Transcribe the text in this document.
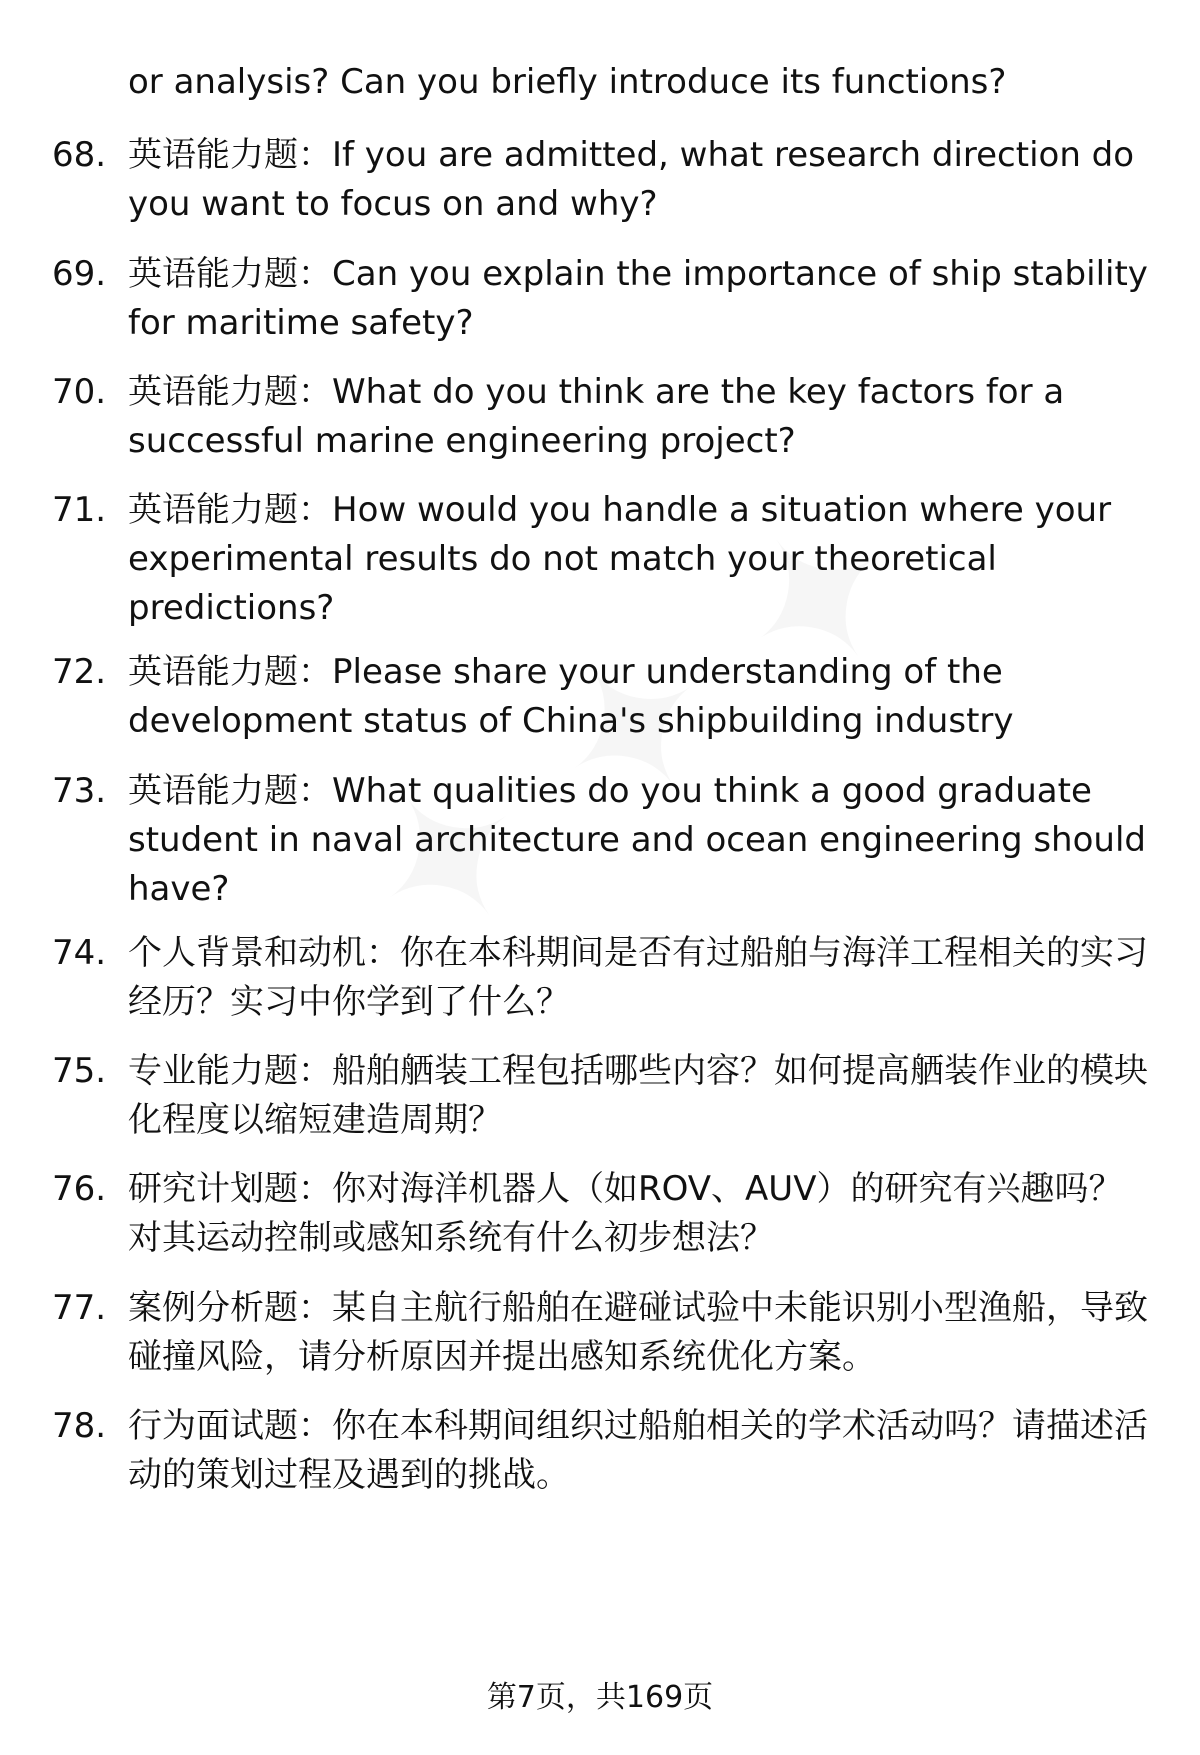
or analysis? Can you briefly introduce its functions?
68. 英语能力题：If you are admitted, what research direction do you want to focus on and why?
69. 英语能力题：Can you explain the importance of ship stability for maritime safety?
70. 英语能力题：What do you think are the key factors for a successful marine engineering project?
71. 英语能力题：How would you handle a situation where your experimental results do not match your theoretical predictions?
72. 英语能力题：Please share your understanding of the development status of China's shipbuilding industry
73. 英语能力题：What qualities do you think a good graduate student in naval architecture and ocean engineering should have?
74. 个人背景和动机：你在本科期间是否有过船舶与海洋工程相关的实习经历？实习中你学到了什么？
75. 专业能力题：船舶舾装工程包括哪些内容？如何提高舾装作业的模块化程度以缩短建造周期？
76. 研究计划题：你对海洋机器人（如ROV、AUV）的研究有兴趣吗？对其运动控制或感知系统有什么初步想法？
77. 案例分析题：某自主航行船舶在避碰试验中未能识别小型渔船，导致碰撞风险，请分析原因并提出感知系统优化方案。
78. 行为面试题：你在本科期间组织过船舶相关的学术活动吗？请描述活动的策划过程及遇到的挑战。
第7页，共169页
